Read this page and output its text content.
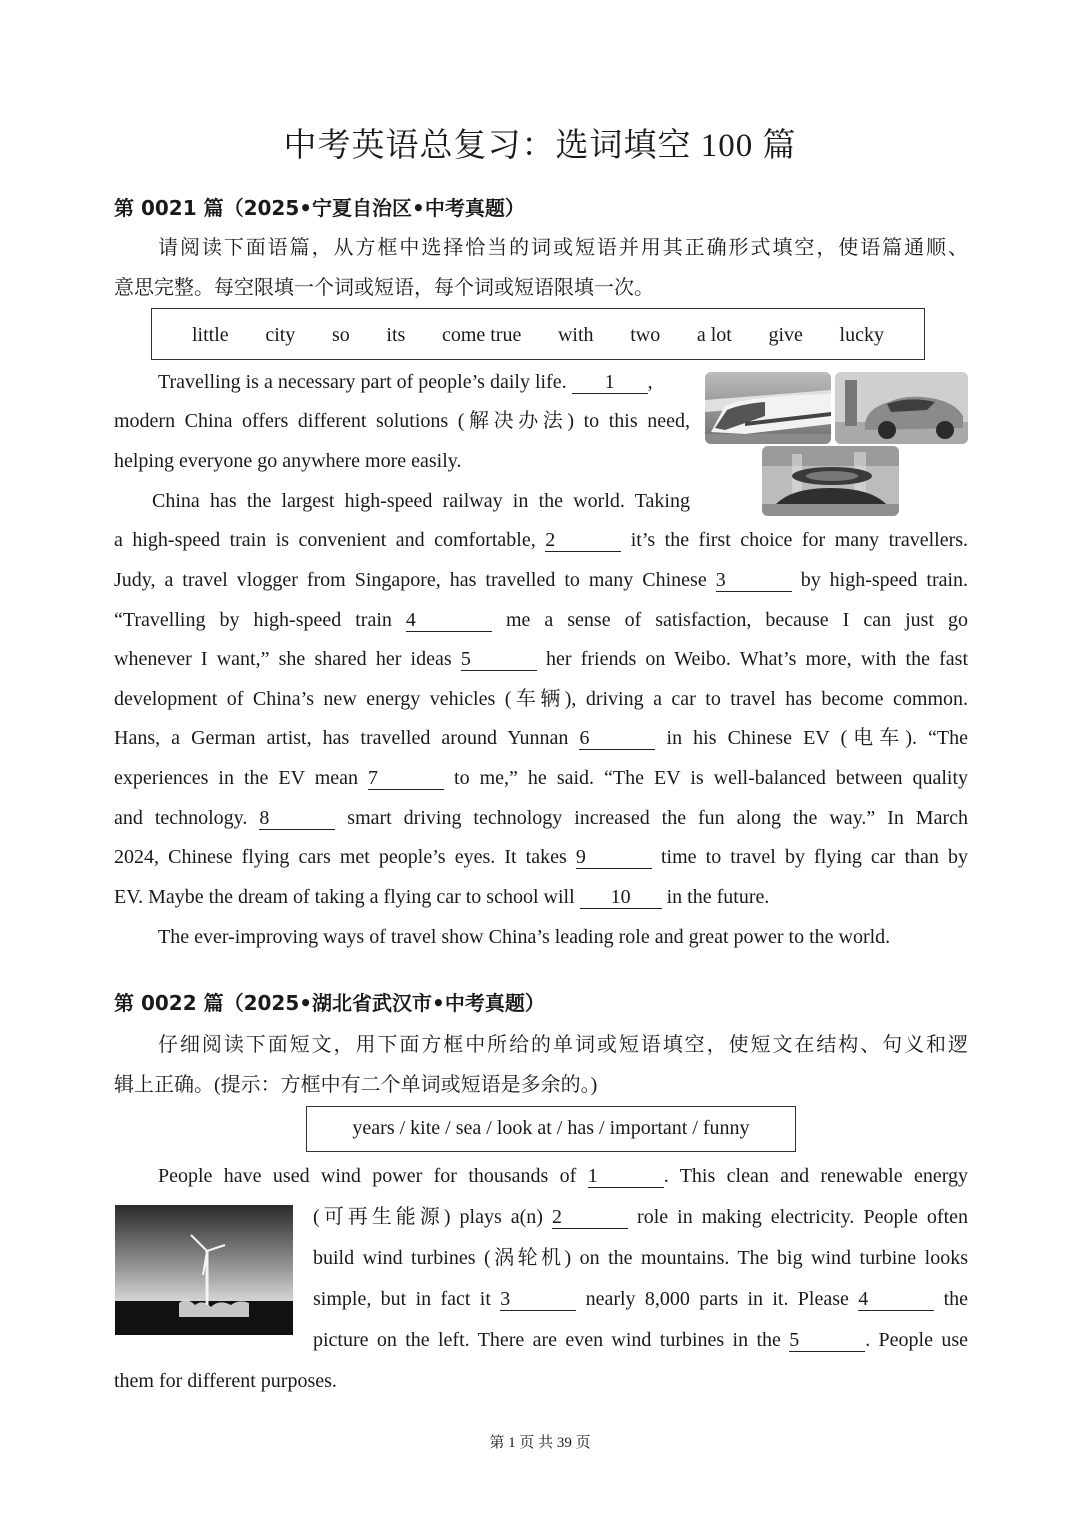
中考英语总复习：选词填空 100 篇
第 0021 篇（2025•宁夏自治区•中考真题）
请阅读下面语篇，从方框中选择恰当的词或短语并用其正确形式填空，使语篇通顺、
意思完整。每空限填一个词或短语，每个词或短语限填一次。
little city so its come true with two a lot give lucky
Travelling is a necessary part of people’s daily life. 1 ,
modern China offers different solutions (解决办法) to this need,
helping everyone go anywhere more easily.
China has the largest high-speed railway in the world. Taking
a high-speed train is convenient and comfortable, 2	it’s the first choice for many travellers.
Judy, a travel vlogger from Singapore, has travelled to many Chinese 3	by high-speed train.
“Travelling by high-speed train 4	me a sense of satisfaction, because I can just go
whenever I want,” she shared her ideas 5	her friends on Weibo. What’s more, with the fast
development of China’s new energy vehicles (车辆), driving a car to travel has become common.
Hans, a German artist, has travelled around Yunnan 6	in his Chinese EV (电车). “The
experiences in the EV mean 7	to me,” he said. “The EV is well-balanced between quality
and technology. 8	smart driving technology increased the fun along the way.” In March
2024, Chinese flying cars met people’s eyes. It takes 9	time to travel by flying car than by
EV. Maybe the dream of taking a flying car to school will 10 in the future.
The ever-improving ways of travel show China’s leading role and great power to the world.
第 0022 篇（2025•湖北省武汉市•中考真题）
仔细阅读下面短文，用下面方框中所给的单词或短语填空，使短文在结构、句义和逻
辑上正确。(提示：方框中有二个单词或短语是多余的。)
years / kite / sea / look at / has / important / funny
People have used wind power for thousands of 1	. This clean and renewable energy
(可再生能源) plays a(n) 2	role in making electricity. People often
build wind turbines (涡轮机) on the mountains. The big wind turbine looks
simple, but in fact it 3	nearly 8,000 parts in it. Please 4	the
picture on the left. There are even wind turbines in the 5	. People use
them for different purposes.
第 1 页 共 39 页
